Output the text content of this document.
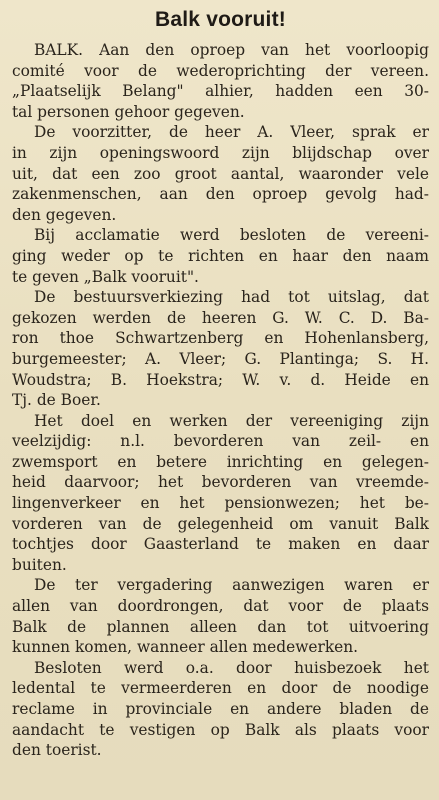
Balk vooruit!
BALK. Aan den oproep van het voorloopig
comité voor de wederoprichting der vereen.
„Plaatselijk Belang" alhier, hadden een 30-
tal personen gehoor gegeven.
De voorzitter, de heer A. Vleer, sprak er
in zijn openingswoord zijn blijdschap over
uit, dat een zoo groot aantal, waaronder vele
zakenmenschen, aan den oproep gevolg had-
den gegeven.
Bij acclamatie werd besloten de vereeni-
ging weder op te richten en haar den naam
te geven „Balk vooruit".
De bestuursverkiezing had tot uitslag, dat
gekozen werden de heeren G. W. C. D. Ba-
ron thoe Schwartzenberg en Hohenlansberg,
burgemeester; A. Vleer; G. Plantinga; S. H.
Woudstra; B. Hoekstra; W. v. d. Heide en
Tj. de Boer.
Het doel en werken der vereeniging zijn
veelzijdig: n.l. bevorderen van zeil- en
zwemsport en betere inrichting en gelegen-
heid daarvoor; het bevorderen van vreemde-
lingenverkeer en het pensionwezen; het be-
vorderen van de gelegenheid om vanuit Balk
tochtjes door Gaasterland te maken en daar
buiten.
De ter vergadering aanwezigen waren er
allen van doordrongen, dat voor de plaats
Balk de plannen alleen dan tot uitvoering
kunnen komen, wanneer allen medewerken.
Besloten werd o.a. door huisbezoek het
ledental te vermeerderen en door de noodige
reclame in provinciale en andere bladen de
aandacht te vestigen op Balk als plaats voor
den toerist.
